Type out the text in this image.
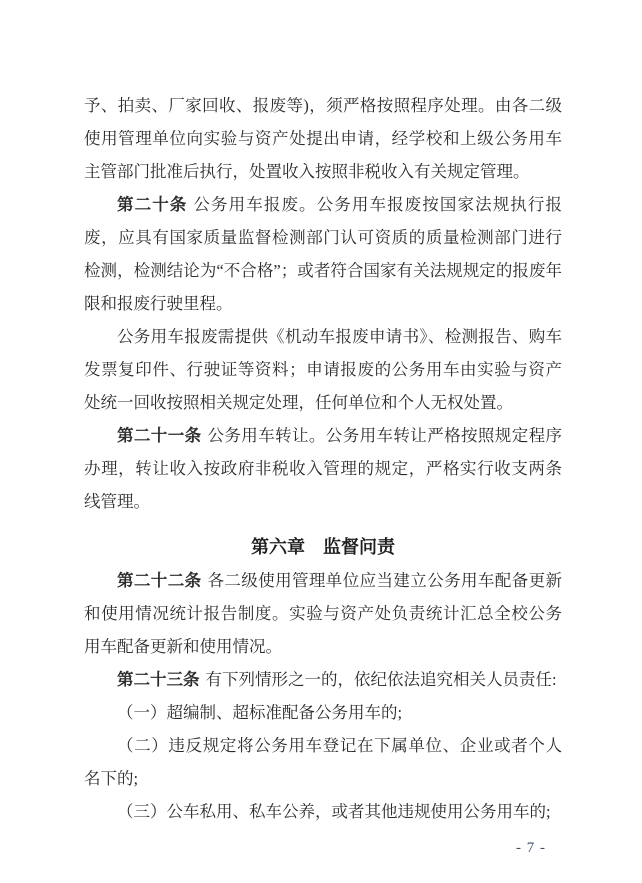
予、拍卖、厂家回收、报废等)，须严格按照程序处理。由各二级使用管理单位向实验与资产处提出申请，经学校和上级公务用车主管部门批准后执行，处置收入按照非税收入有关规定管理。

第二十条 公务用车报废。公务用车报废按国家法规执行报废，应具有国家质量监督检测部门认可资质的质量检测部门进行检测，检测结论为“不合格”；或者符合国家有关法规规定的报废年限和报废行驶里程。

公务用车报废需提供《机动车报废申请书》、检测报告、购车发票复印件、行驶证等资料；申请报废的公务用车由实验与资产处统一回收按照相关规定处理，任何单位和个人无权处置。

第二十一条 公务用车转让。公务用车转让严格按照规定程序办理，转让收入按政府非税收入管理的规定，严格实行收支两条线管理。

第六章　监督问责

第二十二条 各二级使用管理单位应当建立公务用车配备更新和使用情况统计报告制度。实验与资产处负责统计汇总全校公务用车配备更新和使用情况。

第二十三条 有下列情形之一的，依纪依法追究相关人员责任:

（一）超编制、超标准配备公务用车的;

（二）违反规定将公务用车登记在下属单位、企业或者个人名下的;

（三）公车私用、私车公养，或者其他违规使用公务用车的;

- 7 -
